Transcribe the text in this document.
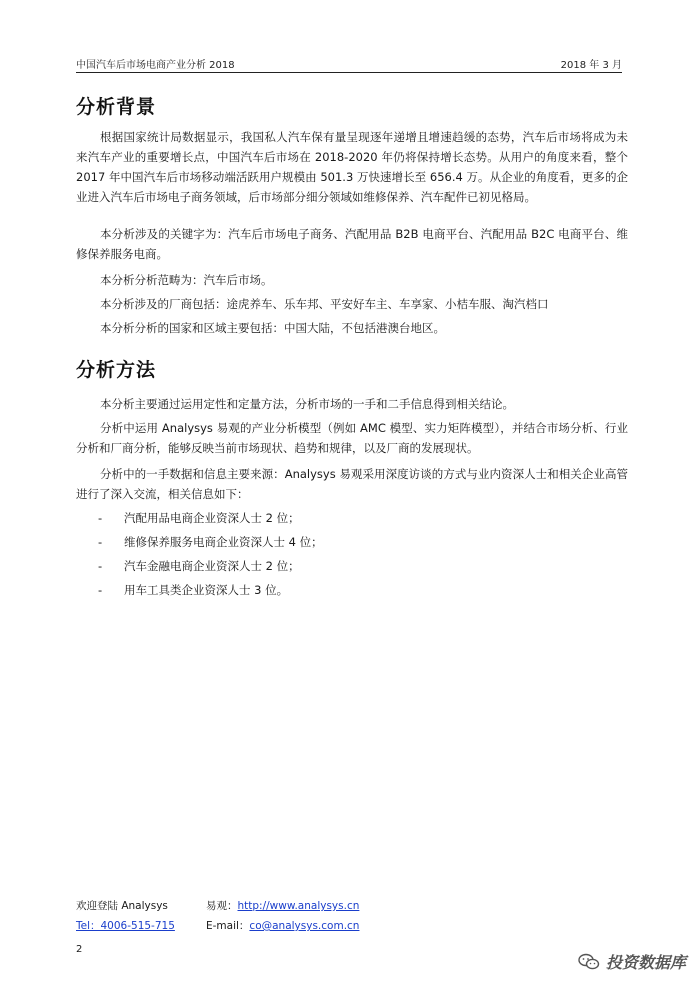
中国汽车后市场电商产业分析 2018	2018 年 3 月
分析背景
根据国家统计局数据显示，我国私人汽车保有量呈现逐年递增且增速趋缓的态势，汽车后市场将成为未来汽车产业的重要增长点，中国汽车后市场在 2018-2020 年仍将保持增长态势。从用户的角度来看，整个 2017 年中国汽车后市场移动端活跃用户规模由 501.3 万快速增长至 656.4 万。从企业的角度看，更多的企业进入汽车后市场电子商务领域，后市场部分细分领域如维修保养、汽车配件已初见格局。
本分析涉及的关键字为：汽车后市场电子商务、汽配用品 B2B 电商平台、汽配用品 B2C 电商平台、维修保养服务电商。
本分析分析范畴为：汽车后市场。
本分析涉及的厂商包括：途虎养车、乐车邦、平安好车主、车享家、小桔车服、淘汽档口
本分析分析的国家和区域主要包括：中国大陆，不包括港澳台地区。
分析方法
本分析主要通过运用定性和定量方法，分析市场的一手和二手信息得到相关结论。
分析中运用 Analysys 易观的产业分析模型（例如 AMC 模型、实力矩阵模型），并结合市场分析、行业分析和厂商分析，能够反映当前市场现状、趋势和规律，以及厂商的发展现状。
分析中的一手数据和信息主要来源：Analysys 易观采用深度访谈的方式与业内资深人士和相关企业高管进行了深入交流，相关信息如下：
- 汽配用品电商企业资深人士 2 位；
- 维修保养服务电商企业资深人士 4 位；
- 汽车金融电商企业资深人士 2 位；
- 用车工具类企业资深人士 3 位。
欢迎登陆 Analysys	易观：http://www.analysys.cn
Tel：4006-515-715	E-mail：co@analysys.com.cn
2
投资数据库
